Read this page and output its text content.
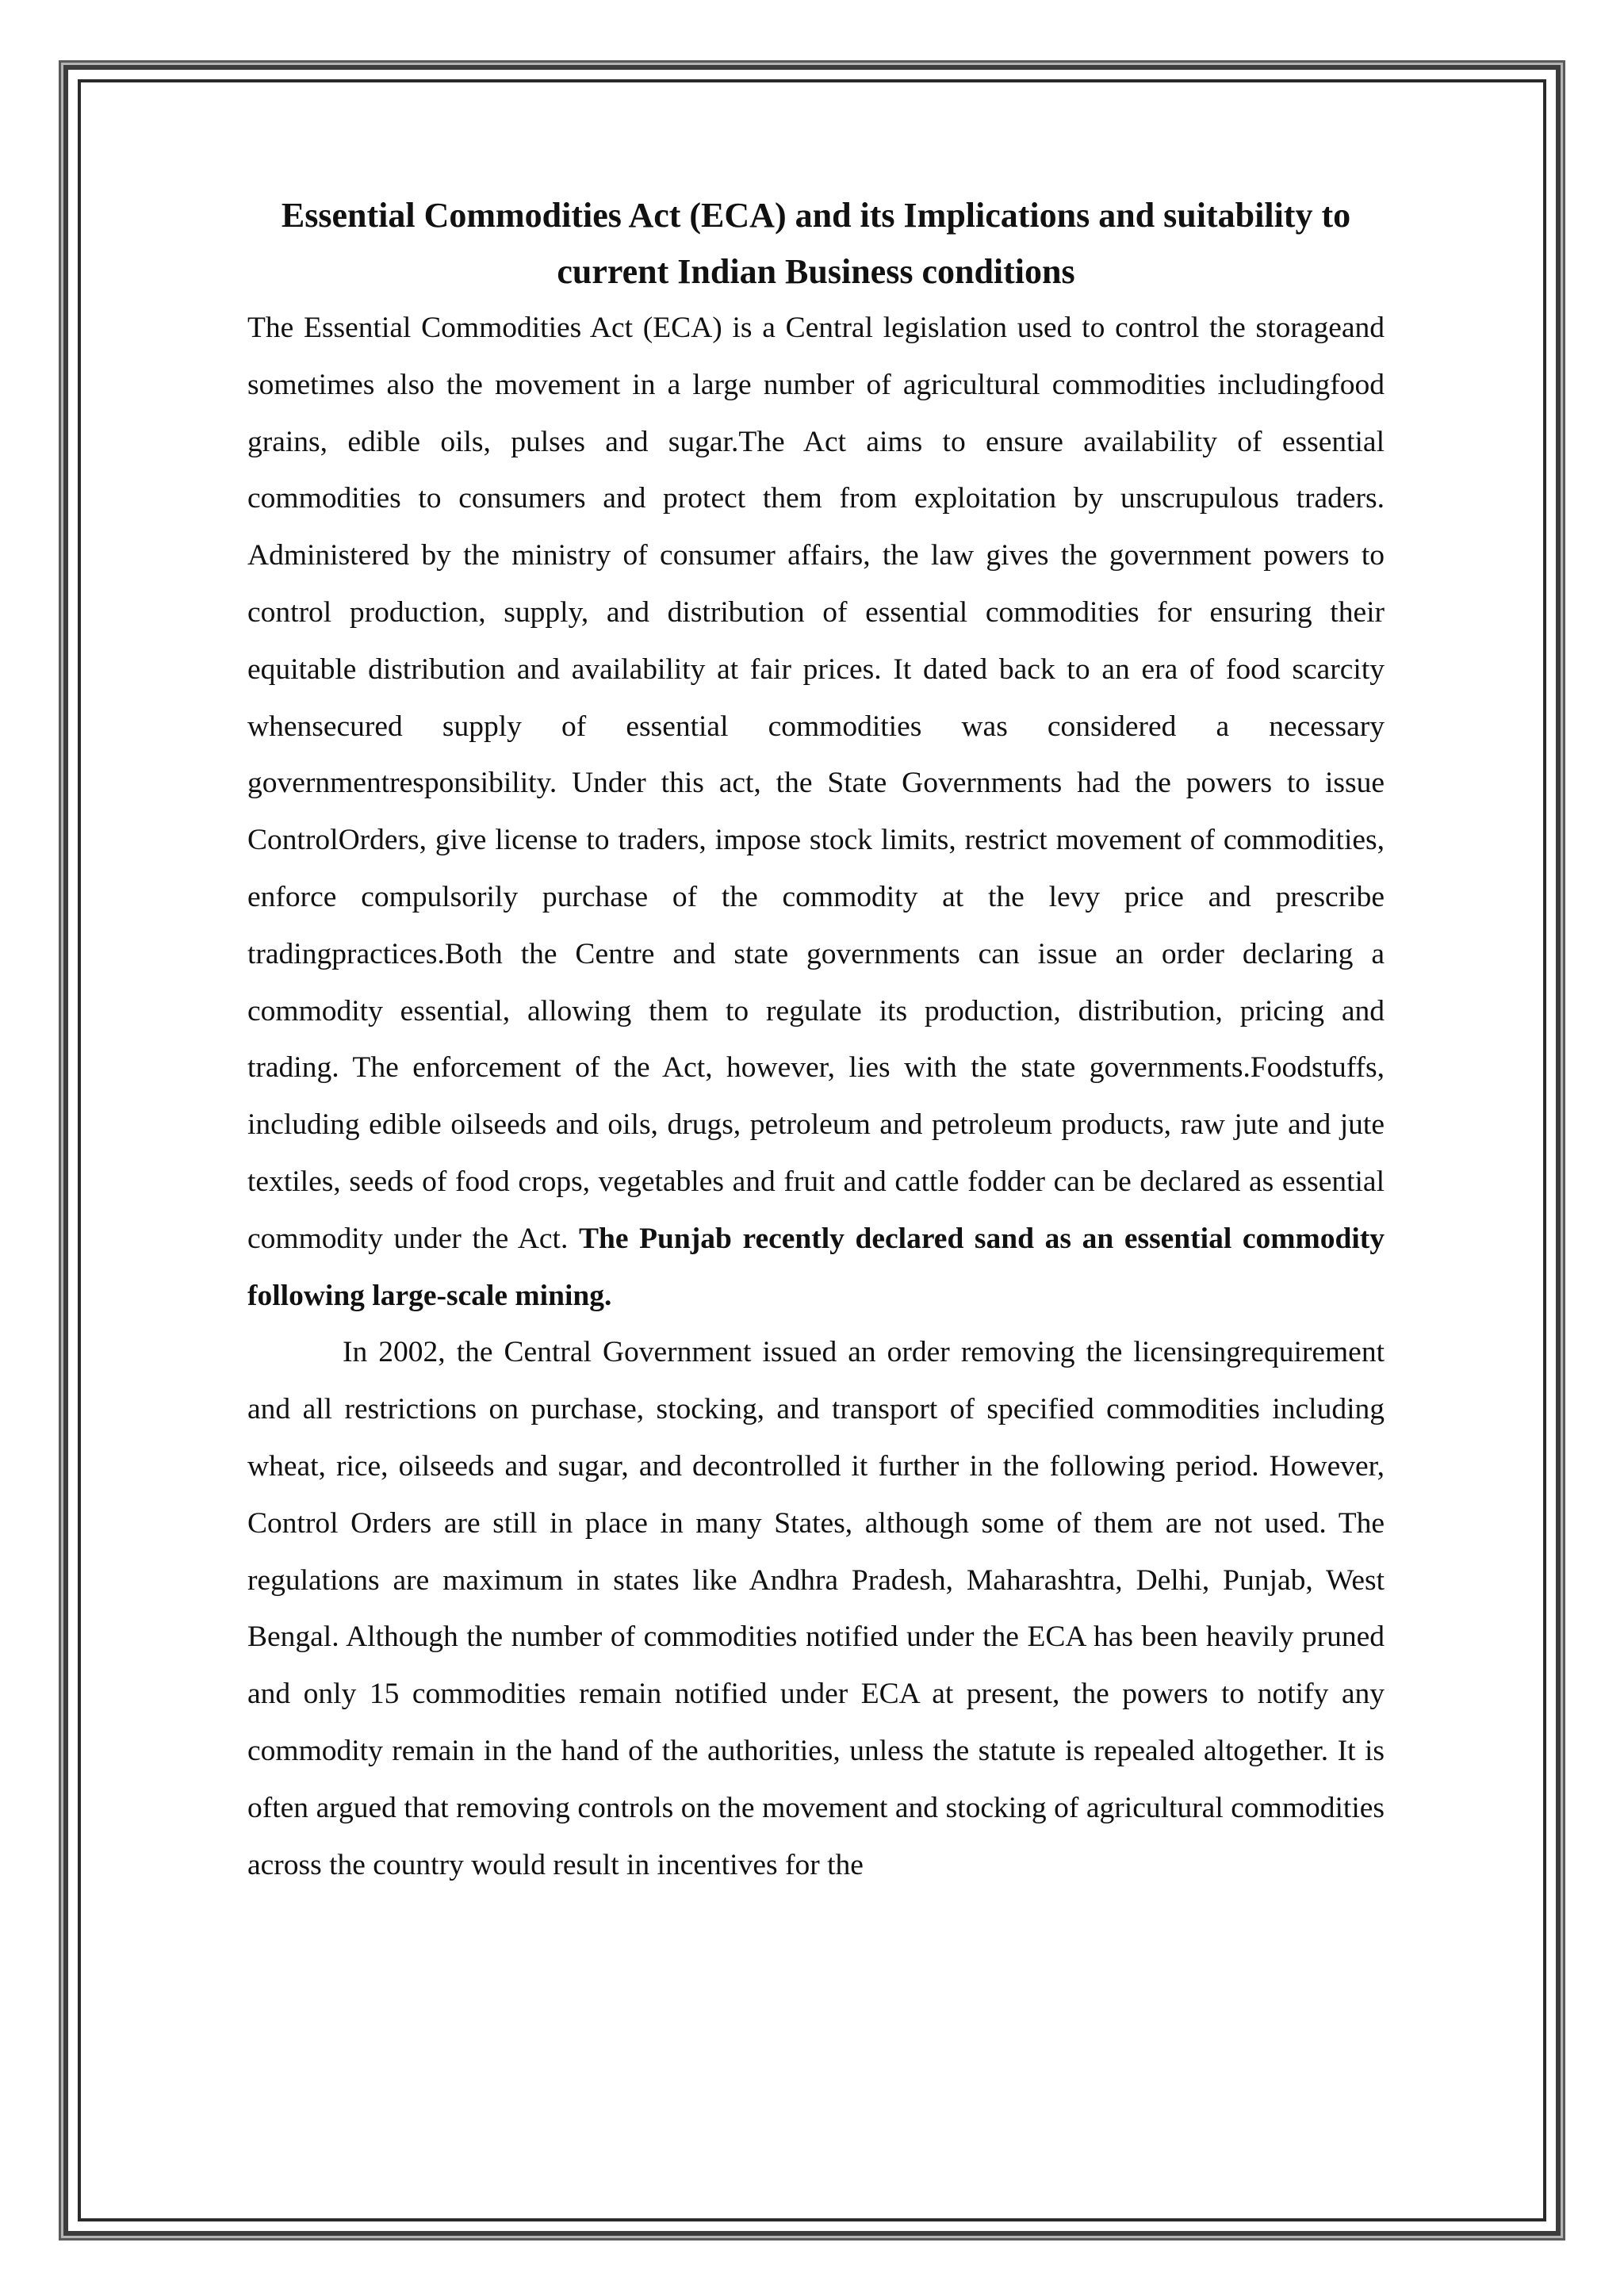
Essential Commodities Act (ECA) and its Implications and suitability to current Indian Business conditions

The Essential Commodities Act (ECA) is a Central legislation used to control the storageand sometimes also the movement in a large number of agricultural commodities includingfood grains, edible oils, pulses and sugar.The Act aims to ensure availability of essential commodities to consumers and protect them from exploitation by unscrupulous traders. Administered by the ministry of consumer affairs, the law gives the government powers to control production, supply, and distribution of essential commodities for ensuring their equitable distribution and availability at fair prices. It dated back to an era of food scarcity whensecured supply of essential commodities was considered a necessary governmentresponsibility. Under this act, the State Governments had the powers to issue ControlOrders, give license to traders, impose stock limits, restrict movement of commodities, enforce compulsorily purchase of the commodity at the levy price and prescribe tradingpractices.Both the Centre and state governments can issue an order declaring a commodity essential, allowing them to regulate its production, distribution, pricing and trading. The enforcement of the Act, however, lies with the state governments.Foodstuffs, including edible oilseeds and oils, drugs, petroleum and petroleum products, raw jute and jute textiles, seeds of food crops, vegetables and fruit and cattle fodder can be declared as essential commodity under the Act. The Punjab recently declared sand as an essential commodity following large-scale mining.

In 2002, the Central Government issued an order removing the licensingrequirement and all restrictions on purchase, stocking, and transport of specified commodities including wheat, rice, oilseeds and sugar, and decontrolled it further in the following period. However, Control Orders are still in place in many States, although some of them are not used. The regulations are maximum in states like Andhra Pradesh, Maharashtra, Delhi, Punjab, West Bengal. Although the number of commodities notified under the ECA has been heavily pruned and only 15 commodities remain notified under ECA at present, the powers to notify any commodity remain in the hand of the authorities, unless the statute is repealed altogether. It is often argued that removing controls on the movement and stocking of agricultural commodities across the country would result in incentives for the
